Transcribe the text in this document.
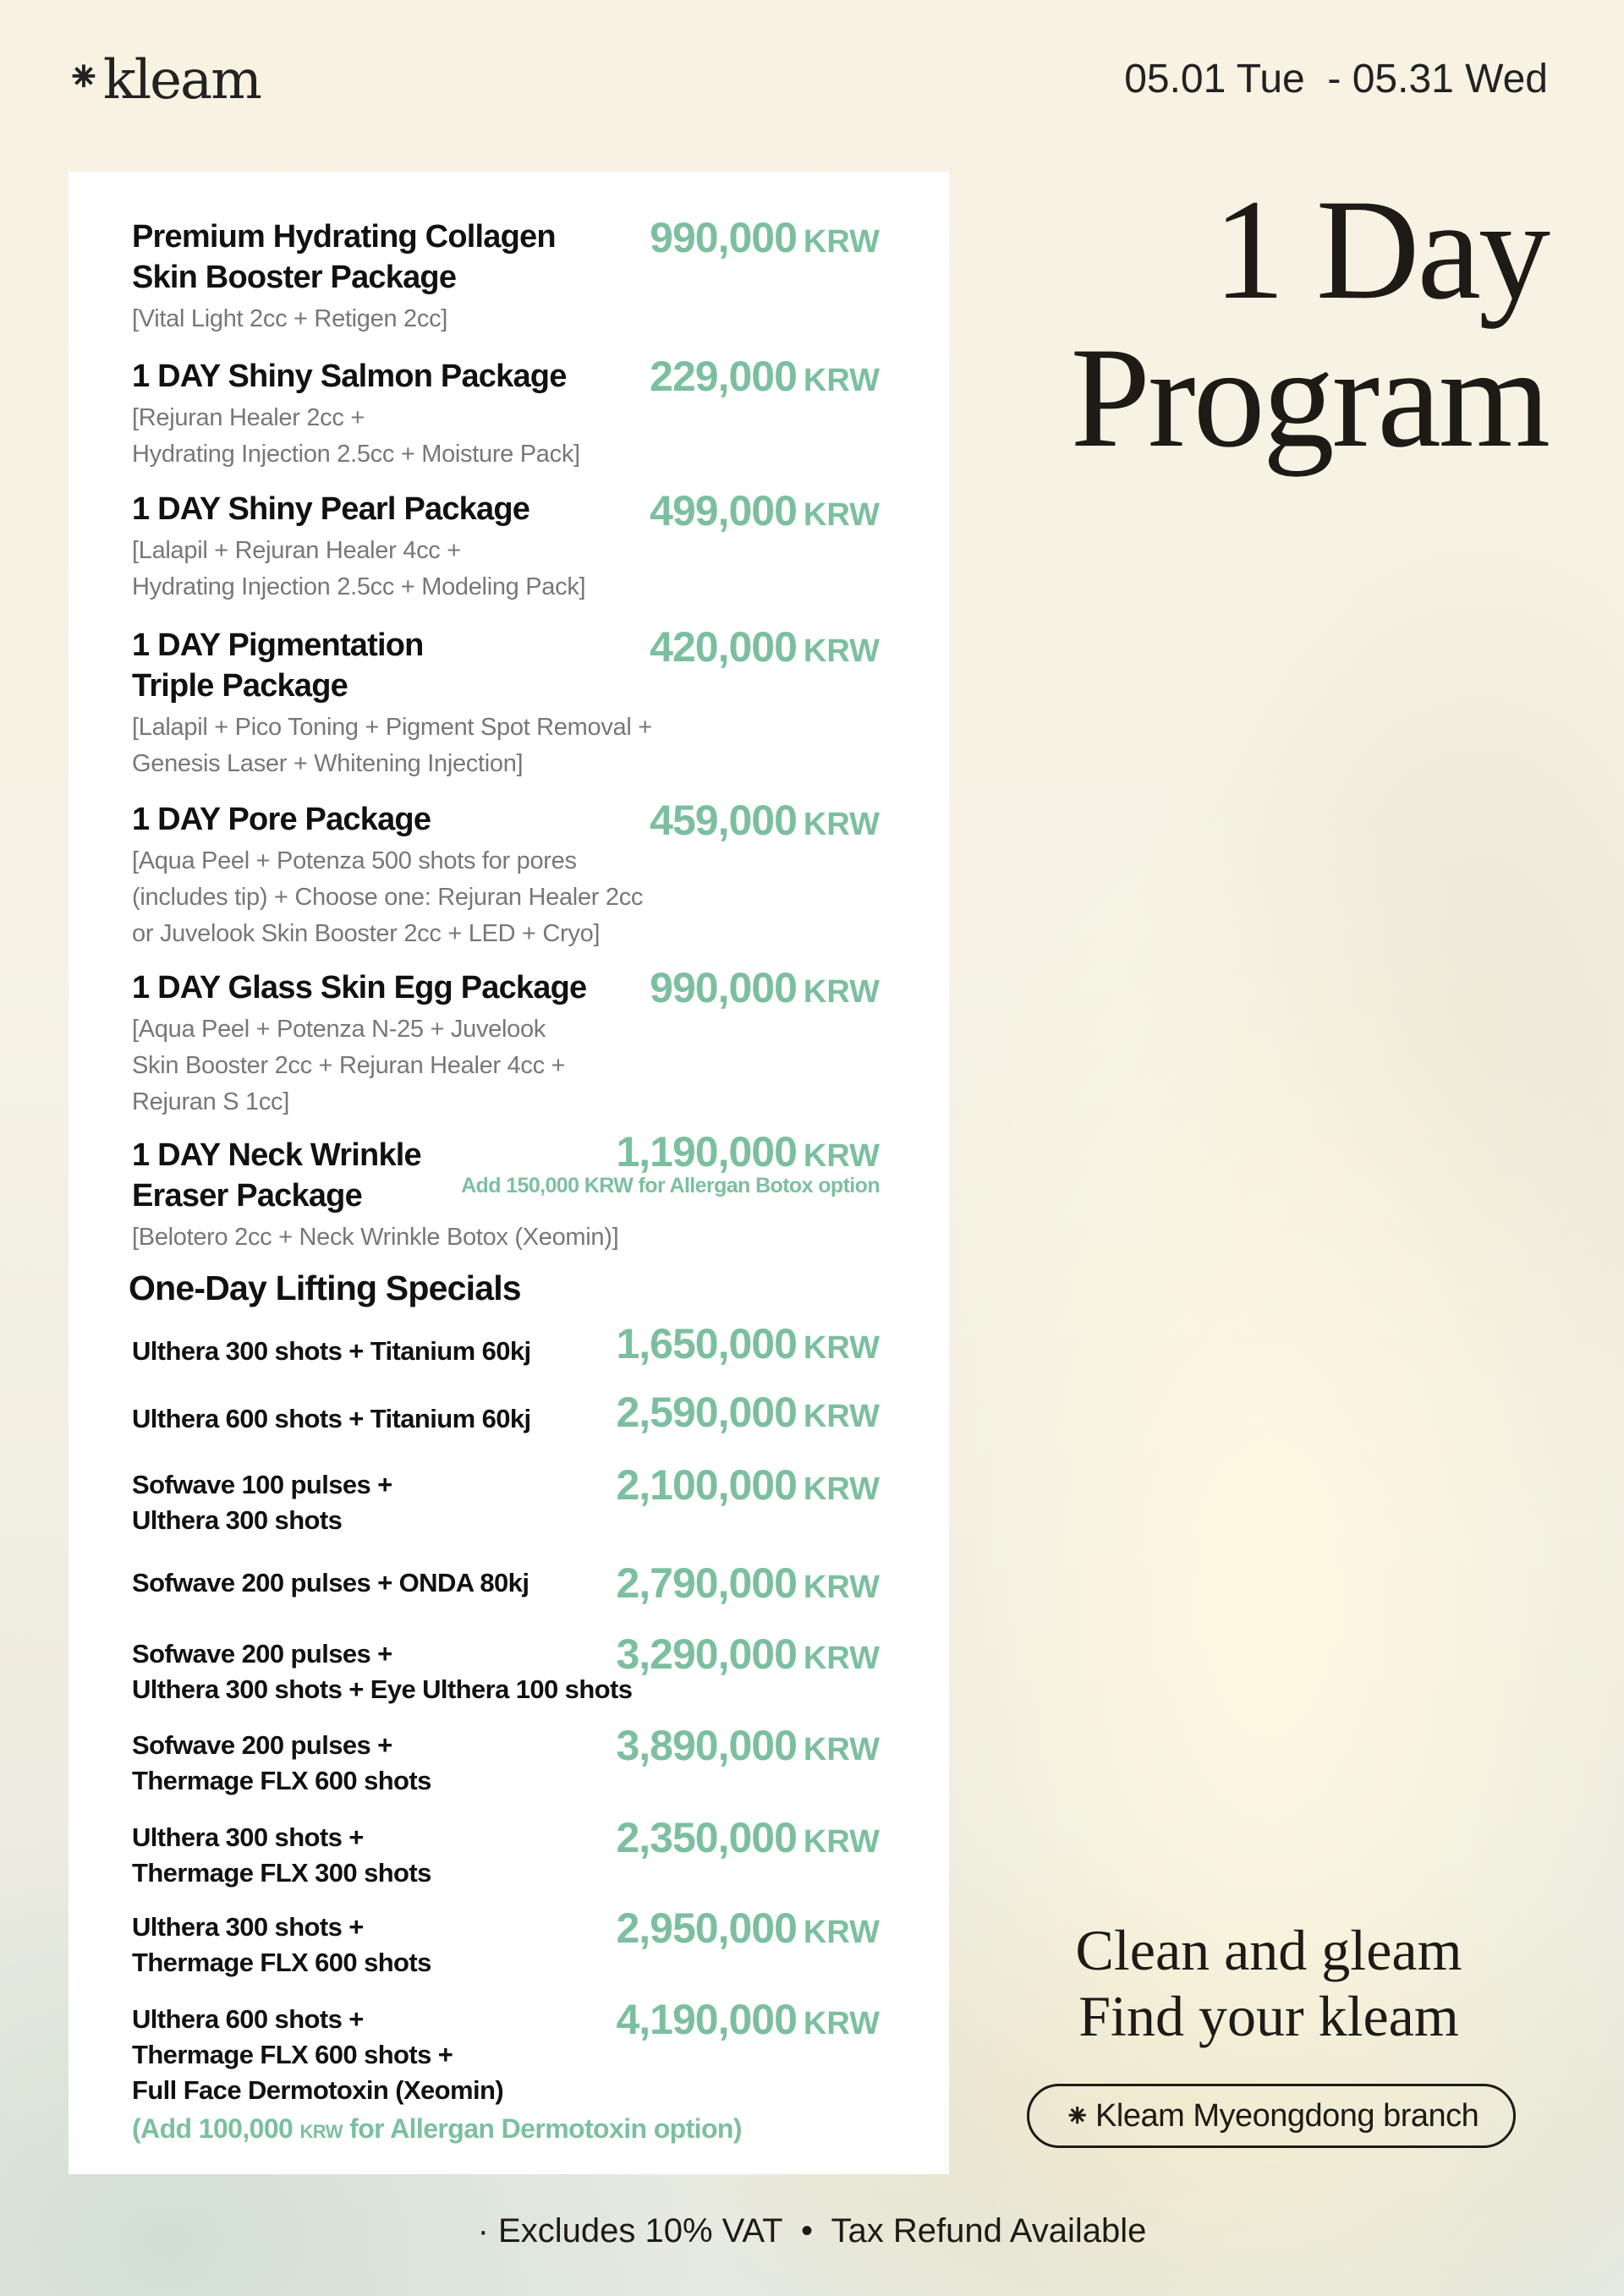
⁕kleam	05.01 Tue  - 05.31 Wed
1 Day
Program
Premium Hydrating Collagen
Skin Booster Package
[Vital Light 2cc + Retigen 2cc]
990,000 KRW
1 DAY Shiny Salmon Package
[Rejuran Healer 2cc +
Hydrating Injection 2.5cc + Moisture Pack]
229,000 KRW
1 DAY Shiny Pearl Package
[Lalapil + Rejuran Healer 4cc +
Hydrating Injection 2.5cc + Modeling Pack]
499,000 KRW
1 DAY Pigmentation
Triple Package
[Lalapil + Pico Toning + Pigment Spot Removal +
Genesis Laser + Whitening Injection]
420,000 KRW
1 DAY Pore Package
[Aqua Peel + Potenza 500 shots for pores
(includes tip) + Choose one: Rejuran Healer 2cc
or Juvelook Skin Booster 2cc + LED + Cryo]
459,000 KRW
1 DAY Glass Skin Egg Package
[Aqua Peel + Potenza N-25 + Juvelook
Skin Booster 2cc + Rejuran Healer 4cc +
Rejuran S 1cc]
990,000 KRW
1 DAY Neck Wrinkle
Eraser Package
[Belotero 2cc + Neck Wrinkle Botox (Xeomin)]
1,190,000 KRW
Add 150,000 KRW for Allergan Botox option
Ulthera 300 shots + Titanium 60kj	1,650,000 KRW
Ulthera 600 shots + Titanium 60kj	2,590,000 KRW
Sofwave 100 pulses +
Ulthera 300 shots
2,100,000 KRW
Sofwave 200 pulses + ONDA 80kj	2,790,000 KRW
Sofwave 200 pulses +
Ulthera 300 shots + Eye Ulthera 100 shots
3,290,000 KRW
Sofwave 200 pulses +
Thermage FLX 600 shots
3,890,000 KRW
Ulthera 300 shots +
Thermage FLX 300 shots
2,350,000 KRW
Ulthera 300 shots +
Thermage FLX 600 shots
2,950,000 KRW
Ulthera 600 shots +
Thermage FLX 600 shots +
Full Face Dermotoxin (Xeomin)
(Add 100,000 KRW for Allergan Dermotoxin option)
4,190,000 KRW
One-Day Lifting Specials
Clean and gleam
Find your kleam
⁕ Kleam Myeongdong branch
· Excludes 10% VAT  •  Tax Refund Available
